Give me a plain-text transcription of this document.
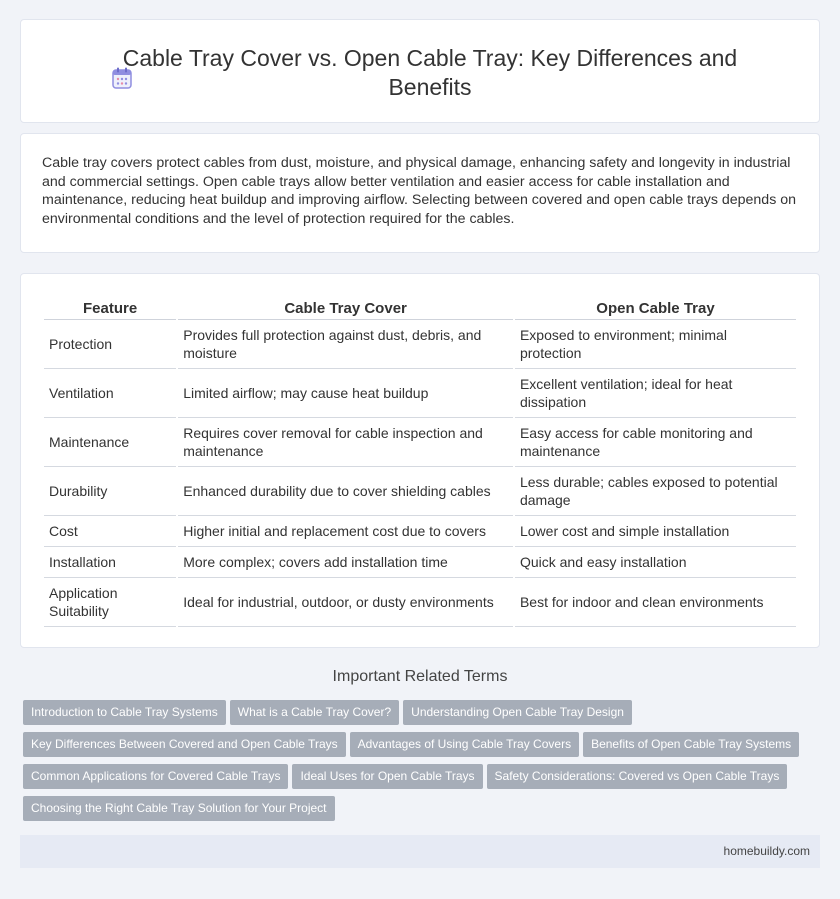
Cable Tray Cover vs. Open Cable Tray: Key Differences and Benefits

Cable tray covers protect cables from dust, moisture, and physical damage, enhancing safety and longevity in industrial and commercial settings. Open cable trays allow better ventilation and easier access for cable installation and maintenance, reducing heat buildup and improving airflow. Selecting between covered and open cable trays depends on environmental conditions and the level of protection required for the cables.

Feature	Cable Tray Cover	Open Cable Tray
Protection	Provides full protection against dust, debris, and moisture	Exposed to environment; minimal protection
Ventilation	Limited airflow; may cause heat buildup	Excellent ventilation; ideal for heat dissipation
Maintenance	Requires cover removal for cable inspection and maintenance	Easy access for cable monitoring and maintenance
Durability	Enhanced durability due to cover shielding cables	Less durable; cables exposed to potential damage
Cost	Higher initial and replacement cost due to covers	Lower cost and simple installation
Installation	More complex; covers add installation time	Quick and easy installation
Application Suitability	Ideal for industrial, outdoor, or dusty environments	Best for indoor and clean environments
Important Related Terms
Introduction to Cable Tray Systems What is a Cable Tray Cover? Understanding Open Cable Tray Design
Key Differences Between Covered and Open Cable Trays Advantages of Using Cable Tray Covers Benefits of Open Cable Tray Systems
Common Applications for Covered Cable Trays Ideal Uses for Open Cable Trays Safety Considerations: Covered vs Open Cable Trays
Choosing the Right Cable Tray Solution for Your Project
homebuildy.com
